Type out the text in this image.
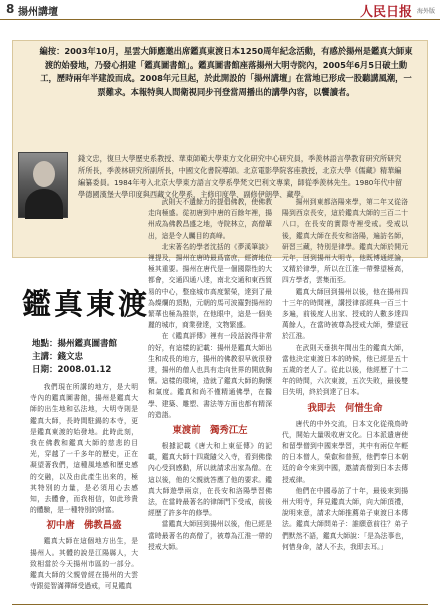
8 揚州講壇	人民日报 海外版
編按：2003年10月，星雲大師應邀出席鑑真東渡日本1250周年紀念活動，有感於揚州是鑑真大師東渡的始發地，乃發心捐建「鑑真圖書館」。鑑真圖書館座落揚州大明寺院內，2005年6月5日破土動工，歷時兩年半建設而成。2008年元旦起，於此開設的「揚州講壇」在當地已形成一股聽講風潮，一票難求。本報特與人間衛視同步刊登當周播出的講學內容，以饗讀者。
錢文忠，復旦大學歷史系教授、華東師範大學東方文化研究中心研究員，季羨林語言學教育研究所研究所所長，季羨林研究所副所長，中國文化書院導師。北京電影學院客座教授，北京大學《儒藏》精華編編纂委員。1984年考入北京大學東方語言文學系學梵文巴利文專業，師從季羨林先生。1980年代中留學德國漢堡大學印度與西藏文化學系，主修印度學、副修伊朗學、藏學。
鑑真東渡
地點：揚州鑑真圖書館
主講：錢文忠
日期：2008.01.12

我們現在所講的地方，是大明寺內的鑑真圖書館，揚州是鑑真大師的出生地和弘法地，大明寺則是鑑真大師，長時間駐錫的本寺，更是鑑真東渡的始發地。此時此刻，我在佛教和鑑真大師的慈悲的目光，穿越了一千多年的歷史，正在凝望著我們，這種風地感和歷史感的交融，以及由此產生出來的，極其特別的力量，是必須用心去感知，去體會，而我相信，如此珍貴的體驗，是一種特別的財富。

初中唐　佛教昌盛

鑑真大師在這個地方出生，是揚州人。其體的說是江陽縣人，大致相當於今天揚州市區的一部分。鑑真大師的父親曾經在揚州的大雲寺跟從智滿禪師受過戒，可見鑑真

武則天不遺餘力的提倡佛教，使佛教走向極盛。從初唐到中唐的百餘年裡，揚州成為佛教昌盛之地，寺院林立，高僧輩出，這是令人矚目的高峰。

北宋著名的學者沈括的《夢溪筆談》裡提及，揚州在唐時最爲富庶，經濟地位極其重要。揚州在唐代是一個國際性的大都會，交通四通八達，南北交通和東西貿易的中心，整座城市高度繁榮，達到了最為燦爛的頂點，元朝的馬可波羅對揚州的繁華也極為推崇，在他眼中，這是一個美麗的城市，商業發達，文物繁盛。

在《鑑真評傳》裡有一段話說得非常的好，有這樣的記載：揚州是鑑真大師出生和成長的地方，揚州的佛教很早就很發達，揚州的僧人也具有走向世界的開放胸懷。這樣的環境，造就了鑑真大師的胸懷和氣度。鑑真和尚不僅精通佛學，在醫學、建築、雕塑、書法等方面也都有精深的造詣。

東渡前　獨秀江左

根據記載《唐大和上東征傳》的記載，鑑真大師十四歲隨父入寺，看到佛像內心受到感動，所以就請求出家為僧。在這以後，他的父親就答應了他的要求。鑑真大師遊學兩京，在長安和洛陽學習佛法，在當時最著名的律師門下受戒，前後經歷了許多年的修學。

當鑑真大師回到揚州以後，他已經是當時最著名的高僧了，被尊為江淮一帶的授戒大師。

揚州到東都洛陽來學，第二年又從洛陽到西京長安，這於鑑真大師的三百二十八口，在長安的實際寺裡受戒。受戒以後，鑑真大師在長安和洛陽，遍訪名師，研習三藏，特別是律學。鑑真大師於開元元年，回到揚州大明寺，他既博通經論，又精於律學，所以在江淮一帶聲望極高，四方學者，雲集而至。

鑑真大師回到揚州以後，他在揚州四十三年的時間裡，講授律部經典一百三十多遍，前後度人出家、授戒的人數多達四萬餘人，在當時被尊為授戒大師，聲望冠於江淮。

在武則天垂拱年間出生的鑑真大師，當他決定東渡日本的時候，他已經是五十五歲的老人了。從此以後，他經歷了十二年的時間，六次東渡，五次失敗，最後雙目失明，終於到達了日本。

我即去　何惜生命

唐代的中外交流，日本文化從飛鳥時代，開始大量吸收唐文化。日本派遣唐使和留學僧到中國來學習，其中有兩位年輕的日本僧人，榮叡和普照，他們奉日本朝廷的命令來到中國，邀請高僧到日本去傳授戒律。

他們在中國尋訪了十年，最後來到揚州大明寺，拜見鑑真大師，向大師頂禮，說明來意，請求大師推薦弟子東渡日本傳法。鑑真大師問弟子：誰願意前往？弟子們默然不語，鑑真大師說：「是為法事也，何惜身命，諸人不去，我即去耳。」
